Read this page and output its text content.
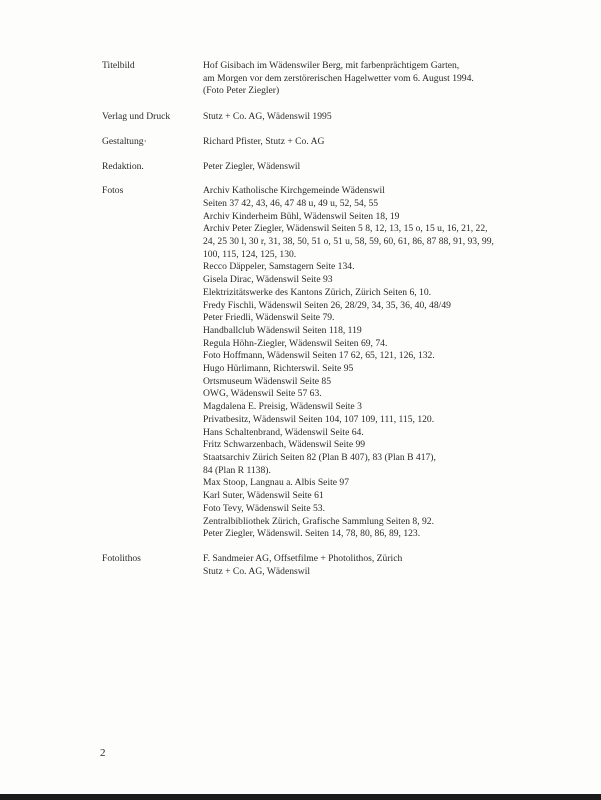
Titelbild	Hof Gisibach im Wädenswiler Berg, mit farbenprächtigem Garten,
am Morgen vor dem zerstörerischen Hagelwetter vom 6. August 1994.
(Foto Peter Ziegler)
Verlag und Druck	Stutz + Co. AG, Wädenswil 1995
Gestaltung·	Richard Pfister, Stutz + Co. AG
Redaktion.	Peter Ziegler, Wädenswil
Fotos	Archiv Katholische Kirchgemeinde Wädenswil
Seiten 37 42, 43, 46, 47 48 u, 49 u, 52, 54, 55
Archiv Kinderheim Bühl, Wädenswil Seiten 18, 19
Archiv Peter Ziegler, Wädenswil Seiten 5 8, 12, 13, 15 o, 15 u, 16, 21, 22,
24, 25 30 l, 30 r, 31, 38, 50, 51 o, 51 u, 58, 59, 60, 61, 86, 87 88, 91, 93, 99,
100, 115, 124, 125, 130.
Recco Däppeler, Samstagern Seite 134.
Gisela Dirac, Wädenswil Seite 93
Elektrizitätswerke des Kantons Zürich, Zürich Seiten 6, 10.
Fredy Fischli, Wädenswil Seiten 26, 28/29, 34, 35, 36, 40, 48/49
Peter Friedli, Wädenswil Seite 79.
Handballclub Wädenswil Seiten 118, 119
Regula Höhn-Ziegler, Wädenswil Seiten 69, 74.
Foto Hoffmann, Wädenswil Seiten 17 62, 65, 121, 126, 132.
Hugo Hürlimann, Richterswil. Seite 95
Ortsmuseum Wädenswil Seite 85
OWG, Wädenswil Seite 57 63.
Magdalena E. Preisig, Wädenswil Seite 3
Privatbesitz, Wädenswil Seiten 104, 107 109, 111, 115, 120.
Hans Schaltenbrand, Wädenswil Seite 64.
Fritz Schwarzenbach, Wädenswil Seite 99
Staatsarchiv Zürich Seiten 82 (Plan B 407), 83 (Plan B 417),
84 (Plan R 1138).
Max Stoop, Langnau a. Albis Seite 97
Karl Suter, Wädenswil Seite 61
Foto Tevy, Wädenswil Seite 53.
Zentralbibliothek Zürich, Grafische Sammlung Seiten 8, 92.
Peter Ziegler, Wädenswil. Seiten 14, 78, 80, 86, 89, 123.
Fotolithos	F. Sandmeier AG, Offsetfilme + Photolithos, Zürich
Stutz + Co. AG, Wädenswil
2
